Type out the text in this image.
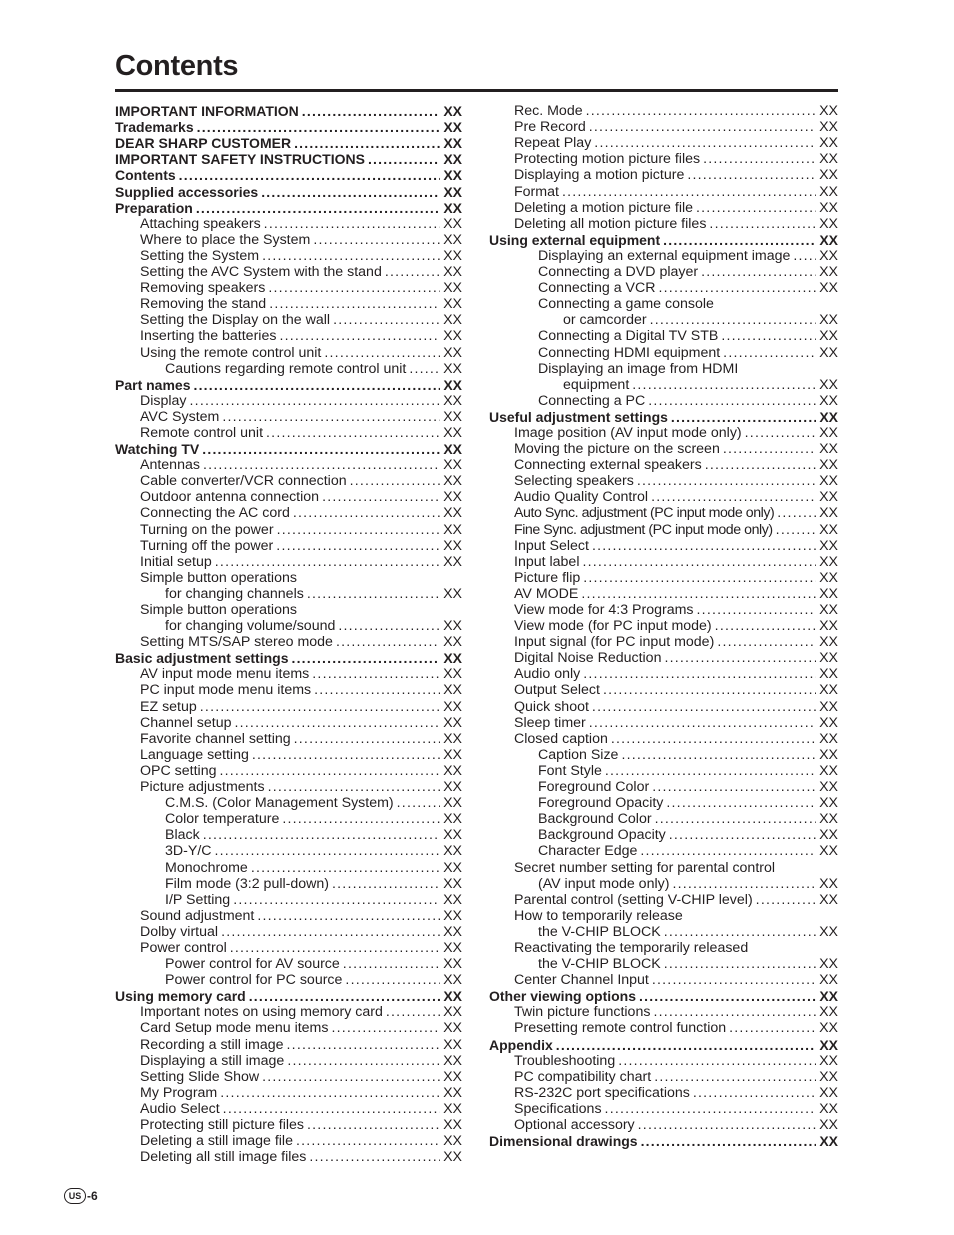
Contents
IMPORTANT INFORMATION .....	XX
Trademarks .....	XX
DEAR SHARP CUSTOMER .....	XX
IMPORTANT SAFETY INSTRUCTIONS .....	XX
Contents .....	XX
Supplied accessories .....	XX
Preparation .....	XX
Attaching speakers .....	XX
Where to place the System .....	XX
Setting the System .....	XX
Setting the AVC System with the stand .....	XX
Removing speakers .....	XX
Removing the stand .....	XX
Setting the Display on the wall .....	XX
Inserting the batteries .....	XX
Using the remote control unit .....	XX
Cautions regarding remote control unit .....	XX
Part names .....	XX
Display .....	XX
AVC System .....	XX
Remote control unit .....	XX
Watching TV .....	XX
Antennas .....	XX
Cable converter/VCR connection .....	XX
Outdoor antenna connection .....	XX
Connecting the AC cord .....	XX
Turning on the power .....	XX
Turning off the power .....	XX
Initial setup .....	XX
Simple button operations
for changing channels .....	XX
Simple button operations
for changing volume/sound .....	XX
Setting MTS/SAP stereo mode .....	XX
Basic adjustment settings .....	XX
AV input mode menu items .....	XX
PC input mode menu items .....	XX
EZ setup .....	XX
Channel setup .....	XX
Favorite channel setting .....	XX
Language setting .....	XX
OPC setting .....	XX
Picture adjustments .....	XX
C.M.S. (Color Management System) .....	XX
Color temperature .....	XX
Black .....	XX
3D-Y/C .....	XX
Monochrome .....	XX
Film mode (3:2 pull-down) .....	XX
I/P Setting .....	XX
Sound adjustment .....	XX
Dolby virtual .....	XX
Power control .....	XX
Power control for AV source .....	XX
Power control for PC source .....	XX
Using memory card .....	XX
Important notes on using memory card .....	XX
Card Setup mode menu items .....	XX
Recording a still image .....	XX
Displaying a still image .....	XX
Setting Slide Show .....	XX
My Program .....	XX
Audio Select .....	XX
Protecting still picture files .....	XX
Deleting a still image file .....	XX
Deleting all still image files .....	XX
Rec. Mode .....	XX
Pre Record .....	XX
Repeat Play .....	XX
Protecting motion picture files .....	XX
Displaying a motion picture .....	XX
Format .....	XX
Deleting a motion picture file .....	XX
Deleting all motion picture files .....	XX
Using external equipment .....	XX
Displaying an external equipment image ..... XX
Connecting a DVD player .....	XX
Connecting a VCR .....	XX
Connecting a game console
or camcorder .....	XX
Connecting a Digital TV STB .....	XX
Connecting HDMI equipment .....	XX
Displaying an image from HDMI
equipment .....	XX
Connecting a PC .....	XX
Useful adjustment settings .....	XX
Image position (AV input mode only) .....	XX
Moving the picture on the screen .....	XX
Connecting external speakers .....	XX
Selecting speakers .....	XX
Audio Quality Control .....	XX
Auto Sync. adjustment (PC input mode only) .....	XX
Fine Sync. adjustment (PC input mode only) .....	XX
Input Select .....	XX
Input label .....	XX
Picture flip .....	XX
AV MODE .....	XX
View mode for 4:3 Programs .....	XX
View mode (for PC input mode) .....	XX
Input signal (for PC input mode) .....	XX
Digital Noise Reduction .....	XX
Audio only .....	XX
Output Select .....	XX
Quick shoot .....	XX
Sleep timer .....	XX
Closed caption .....	XX
Caption Size .....	XX
Font Style .....	XX
Foreground Color .....	XX
Foreground Opacity .....	XX
Background Color .....	XX
Background Opacity .....	XX
Character Edge .....	XX
Secret number setting for parental control
(AV input mode only) .....	XX
Parental control (setting V-CHIP level) .....	XX
How to temporarily release
the V-CHIP BLOCK .....	XX
Reactivating the temporarily released
the V-CHIP BLOCK .....	XX
Center Channel Input .....	XX
Other viewing options .....	XX
Twin picture functions .....	XX
Presetting remote control function .....	XX
Appendix .....	XX
Troubleshooting .....	XX
PC compatibility chart .....	XX
RS-232C port specifications .....	XX
Specifications .....	XX
Optional accessory .....	XX
Dimensional drawings .....	XX
US -6
